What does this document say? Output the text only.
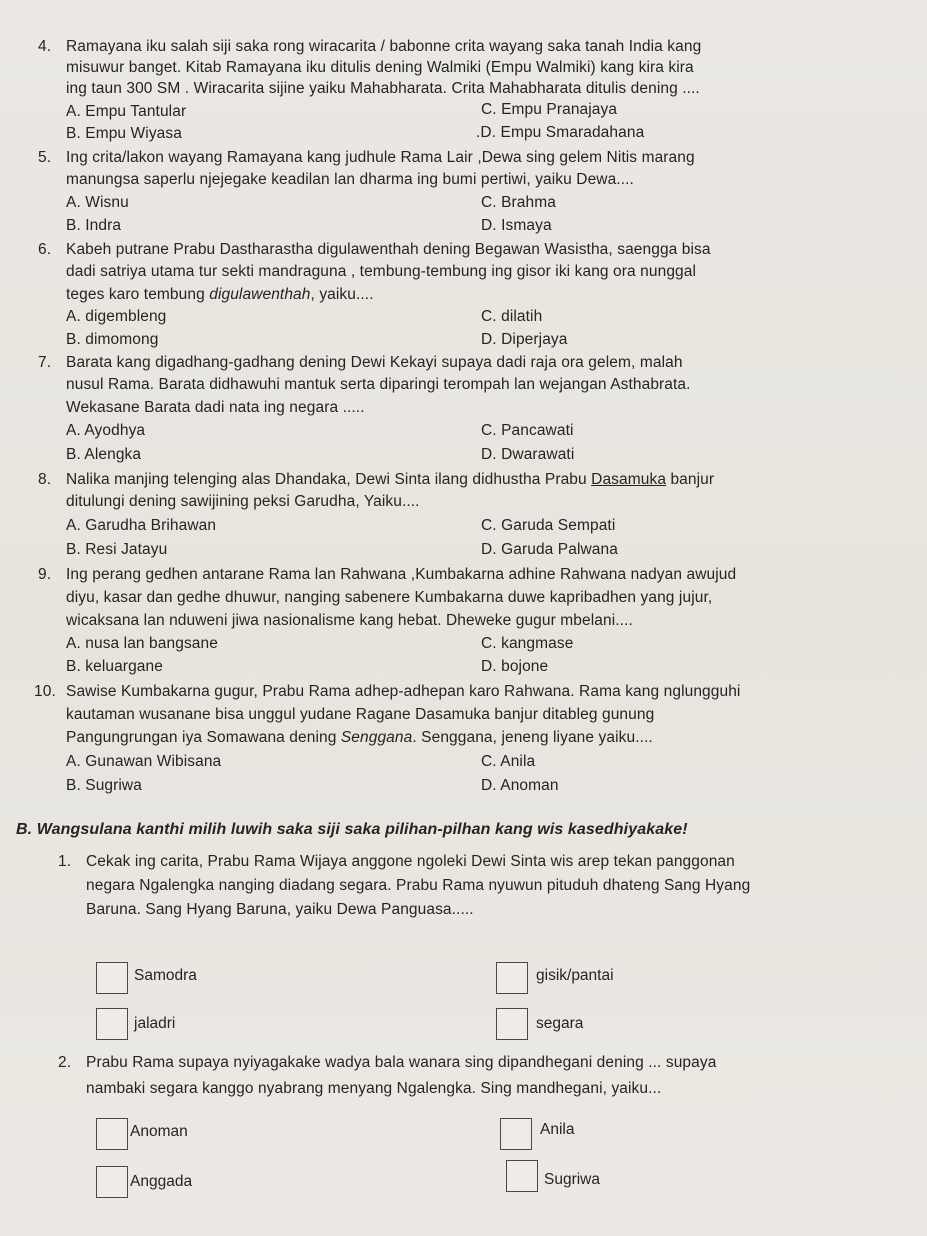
4. Ramayana iku salah siji saka rong wiracarita / babonne crita wayang saka tanah India kang
misuwur banget. Kitab Ramayana iku ditulis dening Walmiki (Empu Walmiki) kang kira kira
ing taun 300 SM . Wiracarita sijine yaiku Mahabharata. Crita Mahabharata ditulis dening ....
A. Empu Tantular	C. Empu Pranajaya
B. Empu Wiyasa	.D. Empu Smaradahana
5. Ing crita/lakon wayang Ramayana kang judhule Rama Lair ,Dewa sing gelem Nitis marang
manungsa saperlu njejegake keadilan lan dharma ing bumi pertiwi, yaiku Dewa....
A. Wisnu	C. Brahma
B. Indra	D. Ismaya
6. Kabeh putrane Prabu Dastharastha digulawenthah dening Begawan Wasistha, saengga bisa
dadi satriya utama tur sekti mandraguna , tembung-tembung ing gisor iki kang ora nunggal
teges karo tembung digulawenthah, yaiku....
A. digembleng	C. dilatih
B. dimomong	D. Diperjaya
7. Barata kang digadhang-gadhang dening Dewi Kekayi supaya dadi raja ora gelem, malah
nusul Rama. Barata didhawuhi mantuk serta diparingi terompah lan wejangan Asthabrata.
Wekasane Barata dadi nata ing negara .....
A. Ayodhya	C. Pancawati
B. Alengka	D. Dwarawati
8. Nalika manjing telenging alas Dhandaka, Dewi Sinta ilang didhustha Prabu Dasamuka banjur
ditulungi dening sawijining peksi Garudha, Yaiku....
A. Garudha Brihawan	C. Garuda Sempati
B. Resi Jatayu	D. Garuda Palwana
9. Ing perang gedhen antarane Rama lan Rahwana ,Kumbakarna adhine Rahwana nadyan awujud
diyu, kasar dan gedhe dhuwur, nanging sabenere Kumbakarna duwe kapribadhen yang jujur,
wicaksana lan nduweni jiwa nasionalisme kang hebat. Dheweke gugur mbelani....
A. nusa lan bangsane	C. kangmase
B. keluargane	D. bojone
10. Sawise Kumbakarna gugur, Prabu Rama adhep-adhepan karo Rahwana. Rama kang nglungguhi
kautaman wusanane bisa unggul yudane Ragane Dasamuka banjur ditableg gunung
Pangungrungan iya Somawana dening Senggana. Senggana, jeneng liyane yaiku....
A. Gunawan Wibisana	C. Anila
B. Sugriwa	D. Anoman
B. Wangsulana kanthi milih luwih saka siji saka pilihan-pilhan kang wis kasedhiyakake!
1. Cekak ing carita, Prabu Rama Wijaya anggone ngoleki Dewi Sinta wis arep tekan panggonan
negara Ngalengka nanging diadang segara. Prabu Rama nyuwun pituduh dhateng Sang Hyang
Baruna. Sang Hyang Baruna, yaiku Dewa Panguasa.....
Samodra	gisik/pantai
jaladri	segara
2. Prabu Rama supaya nyiyagakake wadya bala wanara sing dipandhegani dening ... supaya
nambaki segara kanggo nyabrang menyang Ngalengka. Sing mandhegani, yaiku...
Anoman	Anila
Anggada	Sugriwa
